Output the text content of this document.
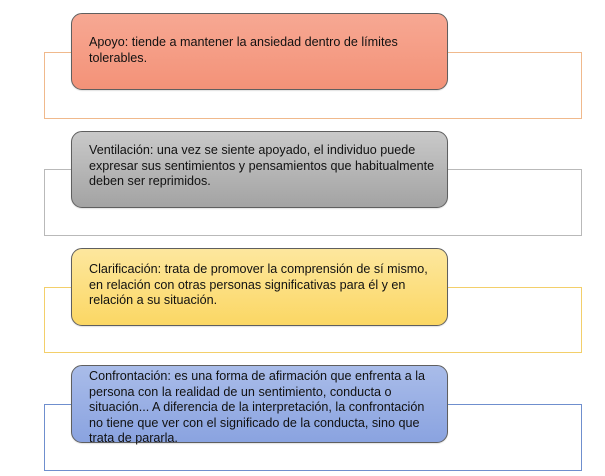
Apoyo: tiende a mantener la ansiedad dentro de límites tolerables.
Ventilación: una vez se siente apoyado, el individuo puede expresar sus sentimientos y pensamientos que habitualmente deben ser reprimidos.
Clarificación: trata de promover la comprensión de sí mismo, en relación con otras personas significativas para él y en relación a su situación.
Confrontación: es una forma de afirmación que enfrenta a la persona con la realidad de un sentimiento, conducta o situación... A diferencia de la interpretación, la confrontación no tiene que ver con el significado de la conducta, sino que trata de pararla.
